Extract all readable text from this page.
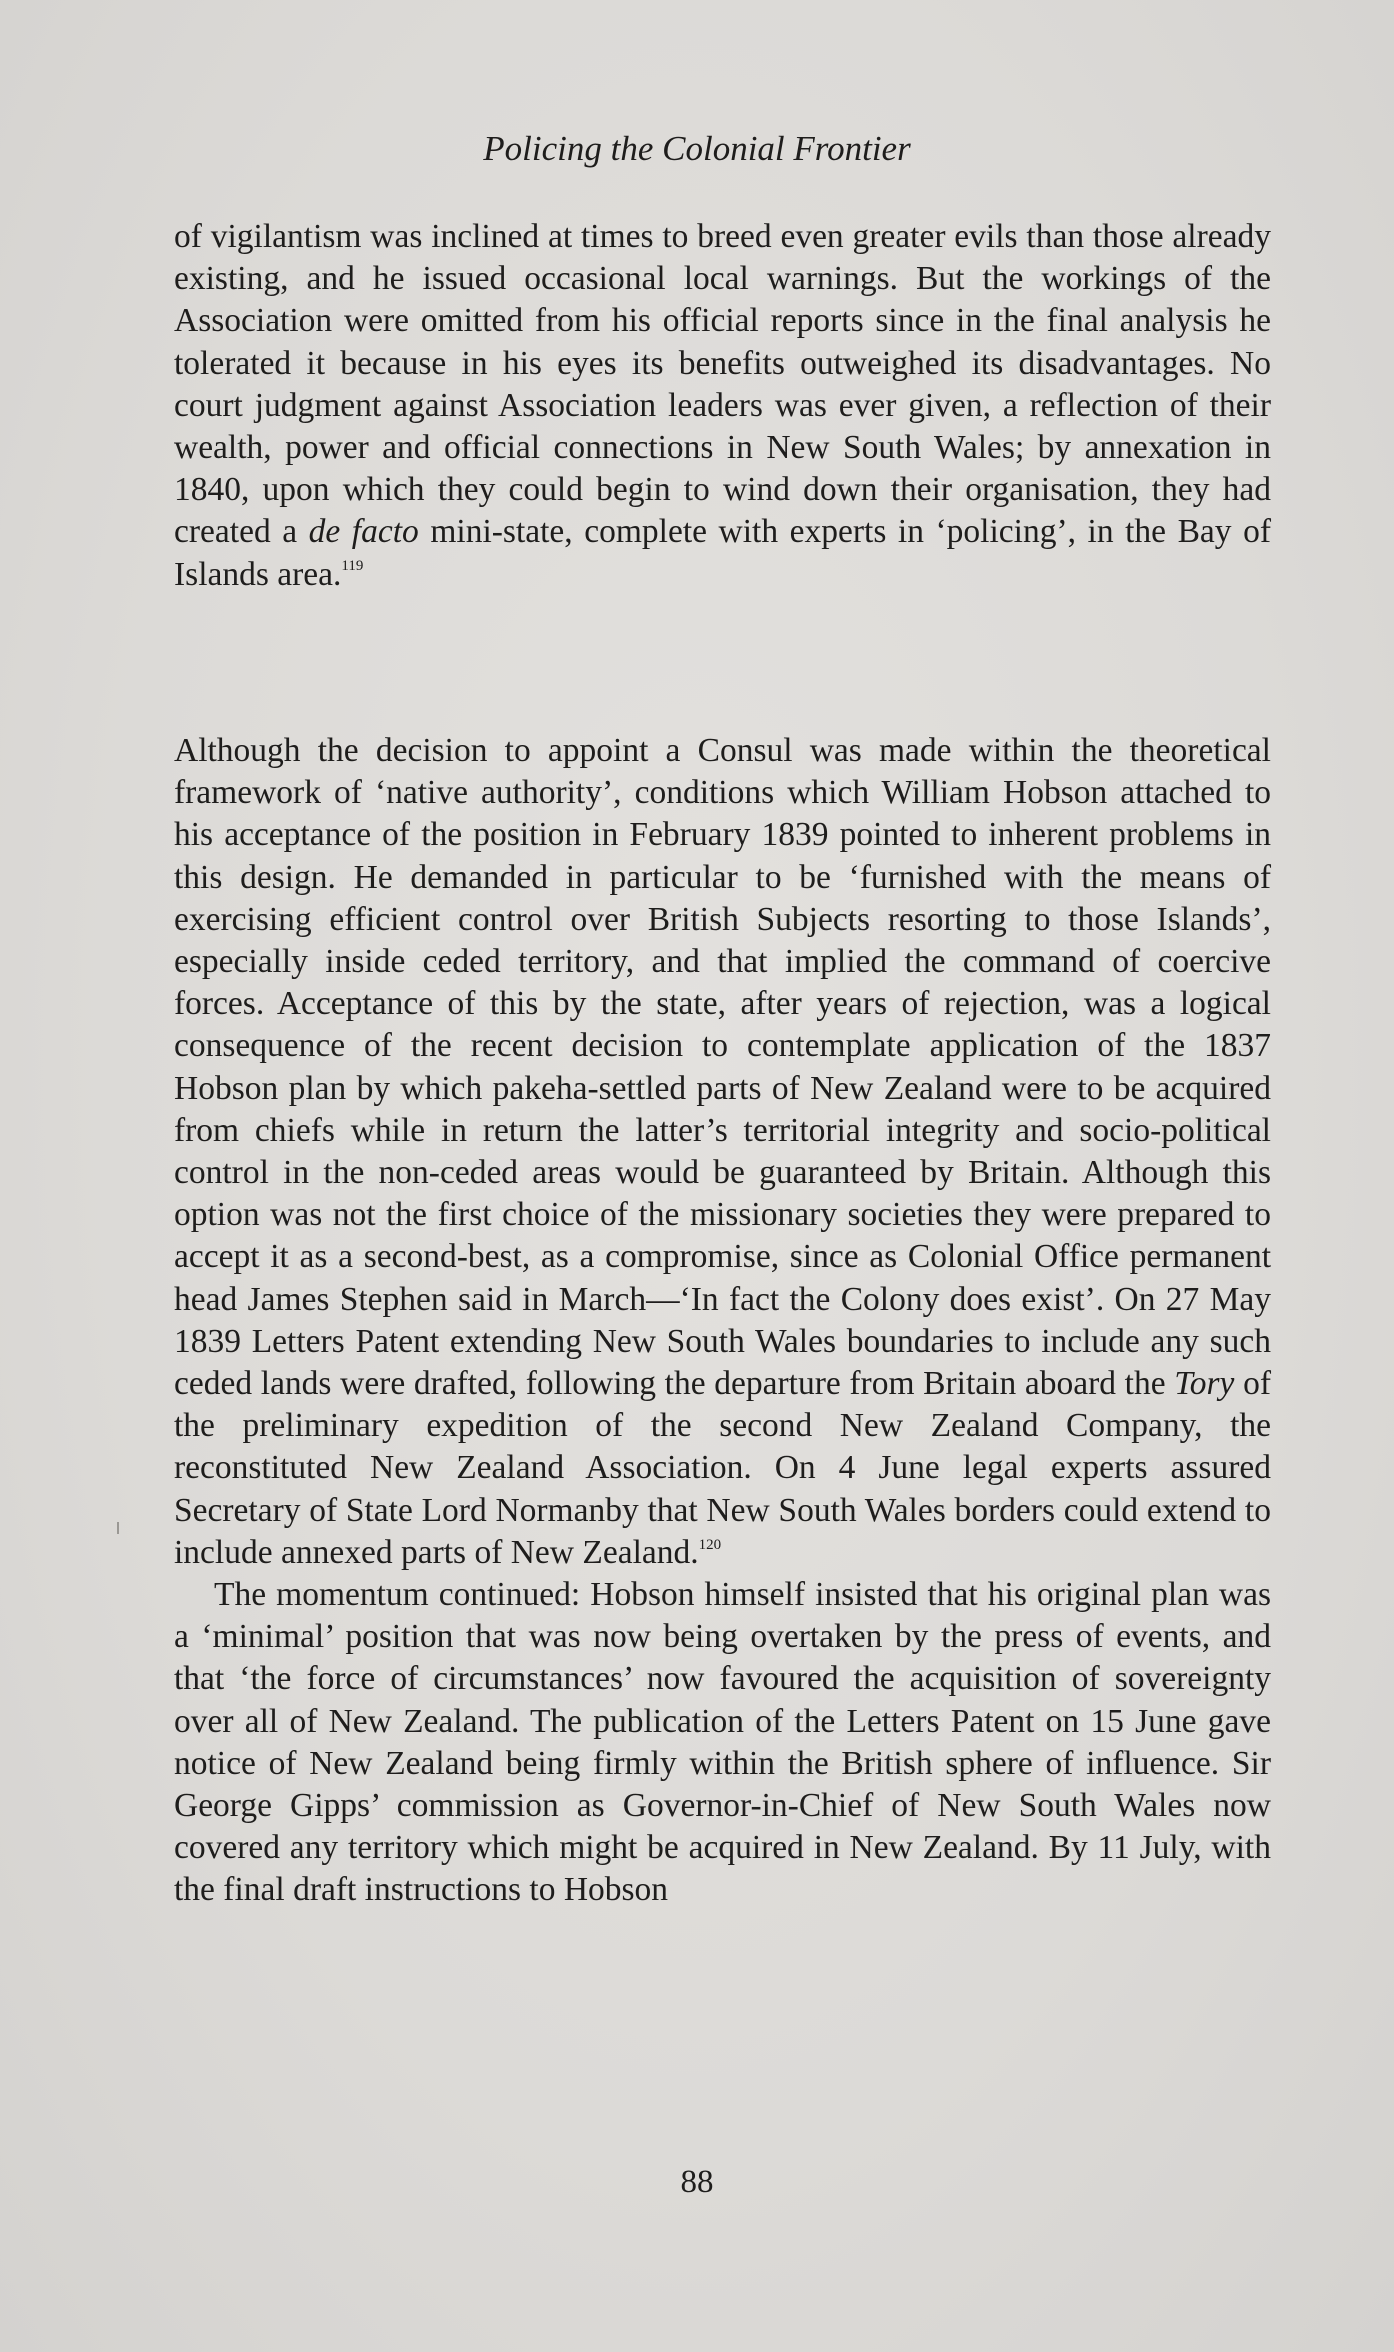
Policing the Colonial Frontier

of vigilantism was inclined at times to breed even greater evils than those already existing, and he issued occasional local warnings. But the workings of the Association were omitted from his official reports since in the final analysis he tolerated it because in his eyes its benefits outweighed its disadvantages. No court judgment against Association leaders was ever given, a reflection of their wealth, power and official connections in New South Wales; by annexation in 1840, upon which they could begin to wind down their organisation, they had created a de facto mini-state, complete with experts in ‘policing’, in the Bay of Islands area.$^{119}$

Although the decision to appoint a Consul was made within the theoretical framework of ‘native authority’, conditions which William Hobson attached to his acceptance of the position in February 1839 pointed to inherent problems in this design. He demanded in particular to be ‘furnished with the means of exercising efficient control over British Subjects resorting to those Islands’, especially inside ceded territory, and that implied the command of coercive forces. Acceptance of this by the state, after years of rejection, was a logical consequence of the recent decision to contemplate application of the 1837 Hobson plan by which pakeha-settled parts of New Zealand were to be acquired from chiefs while in return the latter’s territorial integrity and socio-political control in the non-ceded areas would be guaranteed by Britain. Although this option was not the first choice of the missionary societies they were prepared to accept it as a second-best, as a compromise, since as Colonial Office permanent head James Stephen said in March—‘In fact the Colony does exist’. On 27 May 1839 Letters Patent extending New South Wales boundaries to include any such ceded lands were drafted, following the departure from Britain aboard the Tory of the preliminary expedition of the second New Zealand Company, the reconstituted New Zealand Association. On 4 June legal experts assured Secretary of State Lord Normanby that New South Wales borders could extend to include annexed parts of New Zealand.$^{120}$

The momentum continued: Hobson himself insisted that his original plan was a ‘minimal’ position that was now being overtaken by the press of events, and that ‘the force of circumstances’ now favoured the acquisition of sovereignty over all of New Zealand. The publication of the Letters Patent on 15 June gave notice of New Zealand being firmly within the British sphere of influence. Sir George Gipps’ commission as Governor-in-Chief of New South Wales now covered any territory which might be acquired in New Zealand. By 11 July, with the final draft instructions to Hobson

88
